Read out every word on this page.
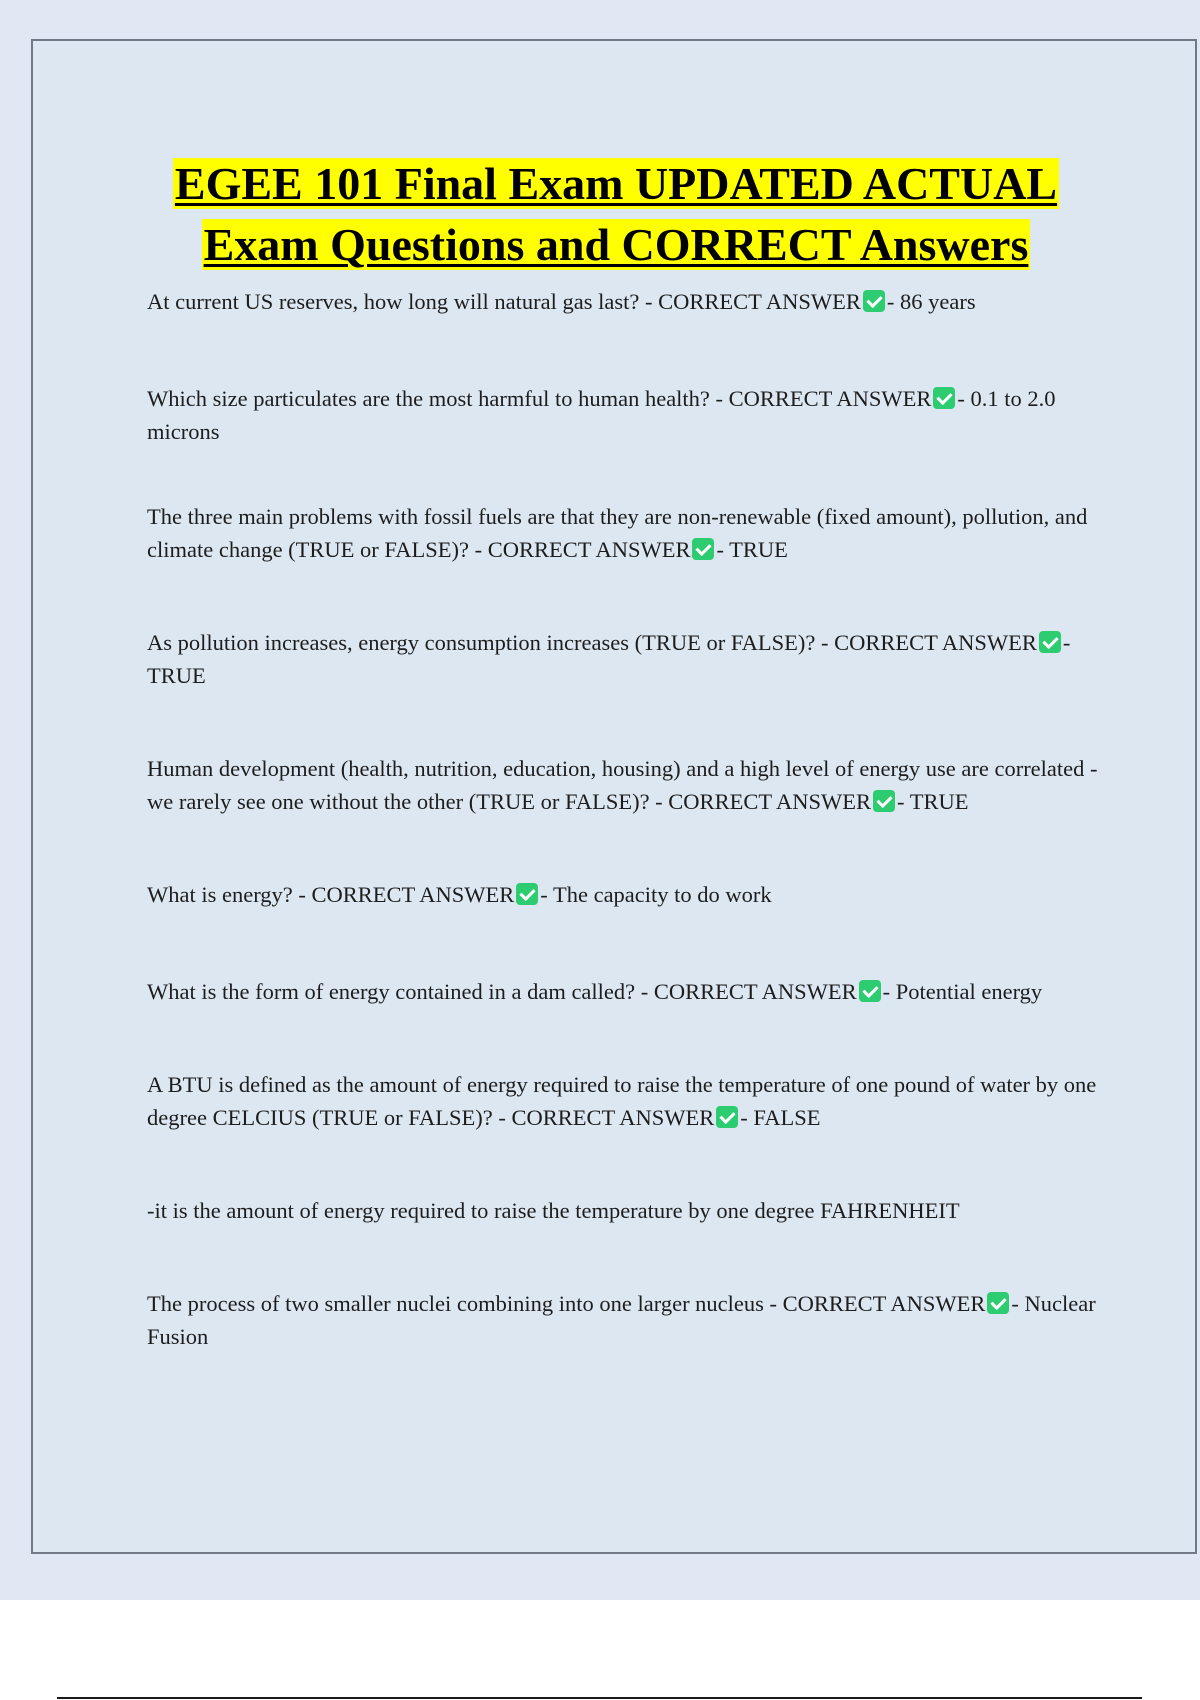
EGEE 101 Final Exam UPDATED ACTUAL
Exam Questions and CORRECT Answers

At current US reserves, how long will natural gas last? - CORRECT ANSWER - 86 years

Which size particulates are the most harmful to human health? - CORRECT ANSWER - 0.1 to 2.0 microns

The three main problems with fossil fuels are that they are non-renewable (fixed amount), pollution, and climate change (TRUE or FALSE)? - CORRECT ANSWER - TRUE

As pollution increases, energy consumption increases (TRUE or FALSE)? - CORRECT ANSWER - TRUE

Human development (health, nutrition, education, housing) and a high level of energy use are correlated - we rarely see one without the other (TRUE or FALSE)? - CORRECT ANSWER - TRUE

What is energy? - CORRECT ANSWER - The capacity to do work

What is the form of energy contained in a dam called? - CORRECT ANSWER - Potential energy

A BTU is defined as the amount of energy required to raise the temperature of one pound of water by one degree CELCIUS (TRUE or FALSE)? - CORRECT ANSWER - FALSE

-it is the amount of energy required to raise the temperature by one degree FAHRENHEIT

The process of two smaller nuclei combining into one larger nucleus - CORRECT ANSWER - Nuclear Fusion
